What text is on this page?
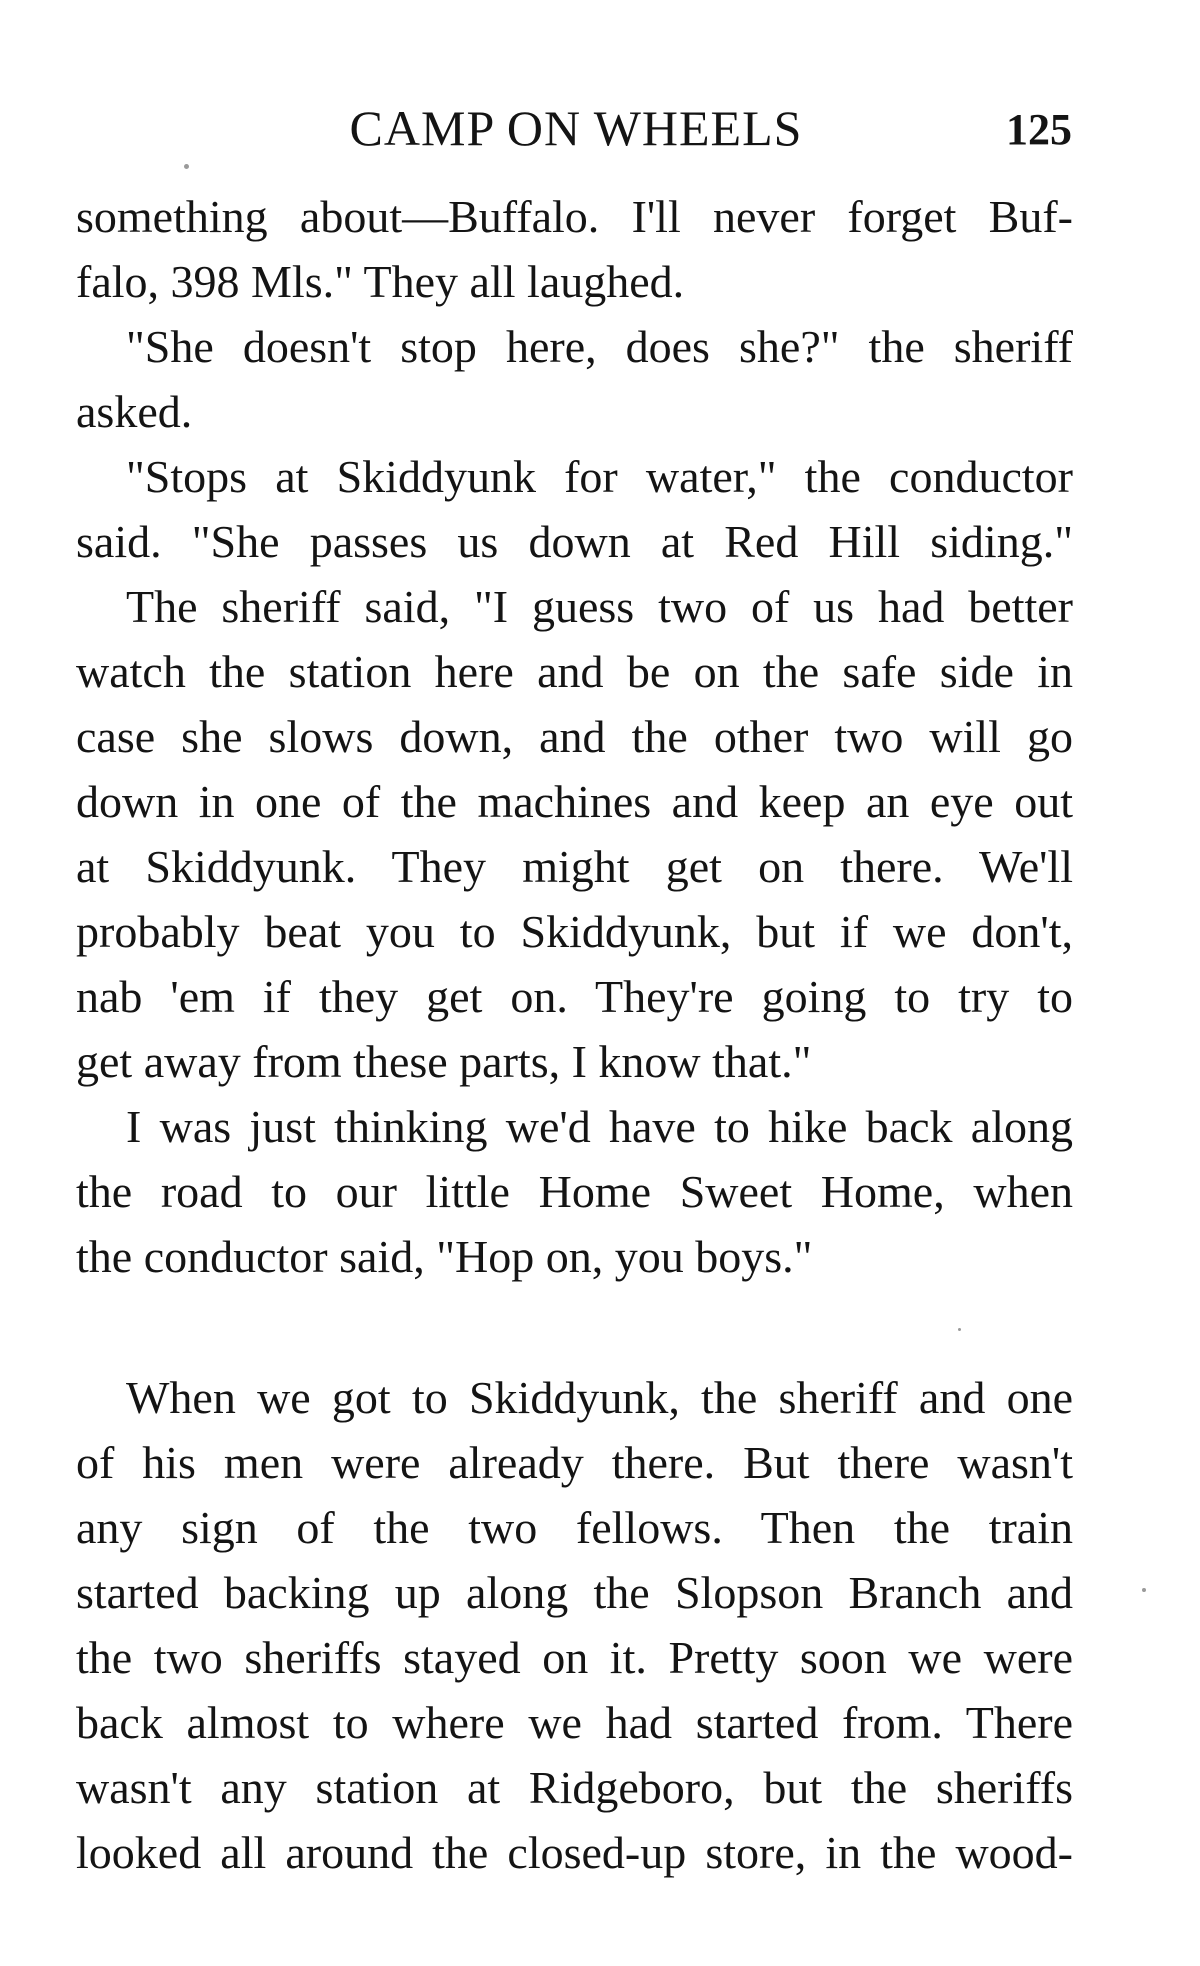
CAMP ON WHEELS	125
something about—Buffalo. I'll never forget Buf-
falo, 398 Mls." They all laughed.
"She doesn't stop here, does she?" the sheriff
asked.
"Stops at Skiddyunk for water," the conductor
said. "She passes us down at Red Hill siding."
The sheriff said, "I guess two of us had better
watch the station here and be on the safe side in
case she slows down, and the other two will go
down in one of the machines and keep an eye out
at Skiddyunk. They might get on there. We'll
probably beat you to Skiddyunk, but if we don't,
nab 'em if they get on. They're going to try to
get away from these parts, I know that."
I was just thinking we'd have to hike back along
the road to our little Home Sweet Home, when
the conductor said, "Hop on, you boys."
When we got to Skiddyunk, the sheriff and one
of his men were already there. But there wasn't
any sign of the two fellows. Then the train
started backing up along the Slopson Branch and
the two sheriffs stayed on it. Pretty soon we were
back almost to where we had started from. There
wasn't any station at Ridgeboro, but the sheriffs
looked all around the closed-up store, in the wood-
